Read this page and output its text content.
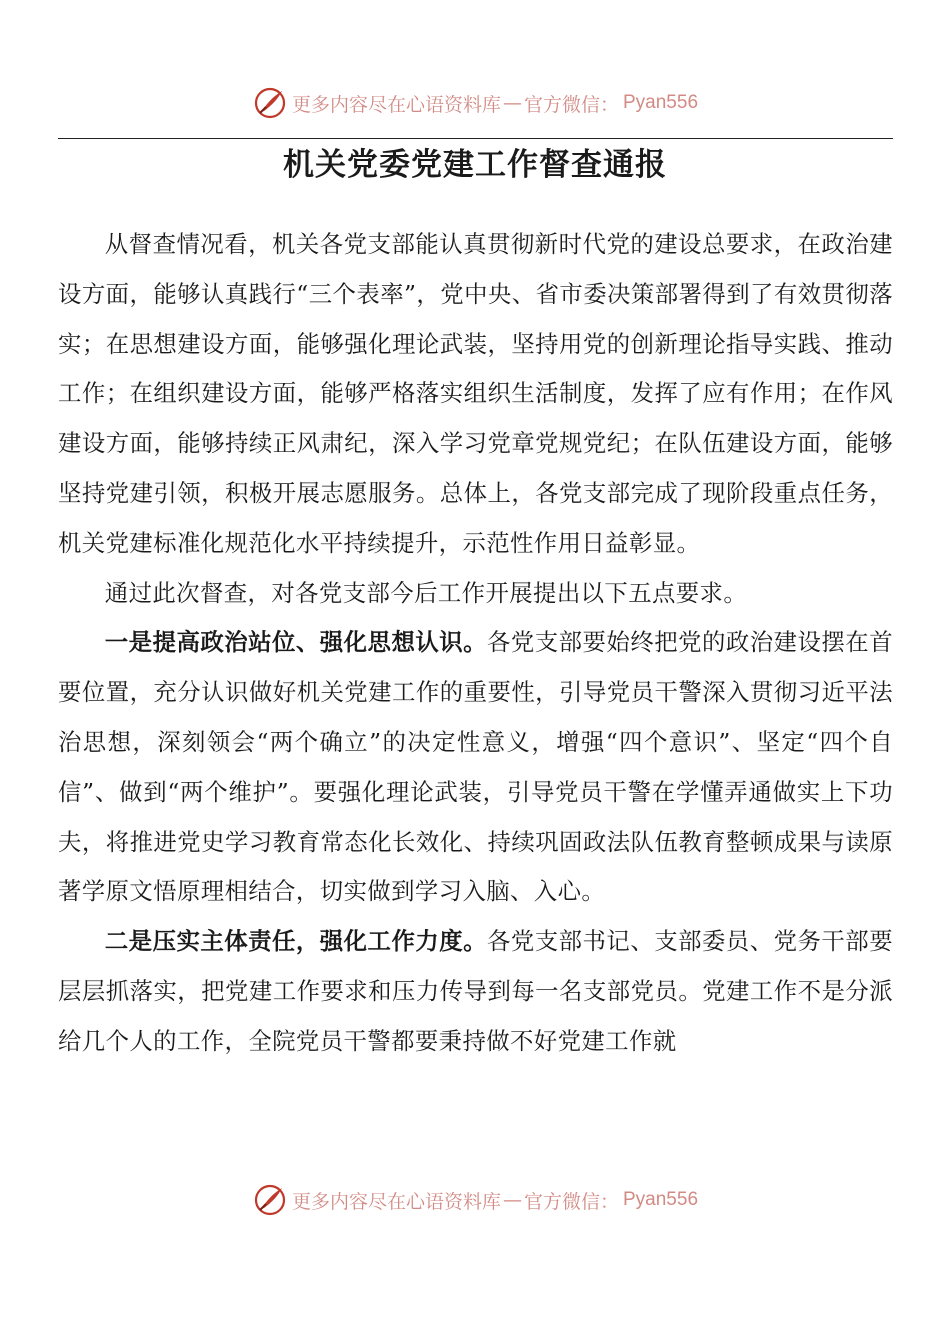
更多内容尽在心语资料库 — 官方微信： Pyan556
机关党委党建工作督查通报

从督查情况看，机关各党支部能认真贯彻新时代党的建设总要求，在政治建设方面，能够认真践行“三个表率”，党中央、省市委决策部署得到了有效贯彻落实；在思想建设方面，能够强化理论武装，坚持用党的创新理论指导实践、推动工作；在组织建设方面，能够严格落实组织生活制度，发挥了应有作用；在作风建设方面，能够持续正风肃纪，深入学习党章党规党纪；在队伍建设方面，能够坚持党建引领，积极开展志愿服务。总体上，各党支部完成了现阶段重点任务，机关党建标准化规范化水平持续提升，示范性作用日益彰显。

通过此次督查，对各党支部今后工作开展提出以下五点要求。

一是提高政治站位、强化思想认识。各党支部要始终把党的政治建设摆在首要位置，充分认识做好机关党建工作的重要性，引导党员干警深入贯彻习近平法治思想，深刻领会“两个确立”的决定性意义，增强“四个意识”、坚定“四个自信”、做到“两个维护”。要强化理论武装，引导党员干警在学懂弄通做实上下功夫，将推进党史学习教育常态化长效化、持续巩固政法队伍教育整顿成果与读原著学原文悟原理相结合，切实做到学习入脑、入心。

二是压实主体责任，强化工作力度。各党支部书记、支部委员、党务干部要层层抓落实，把党建工作要求和压力传导到每一名支部党员。党建工作不是分派给几个人的工作，全院党员干警都要秉持做不好党建工作就

更多内容尽在心语资料库 — 官方微信： Pyan556
